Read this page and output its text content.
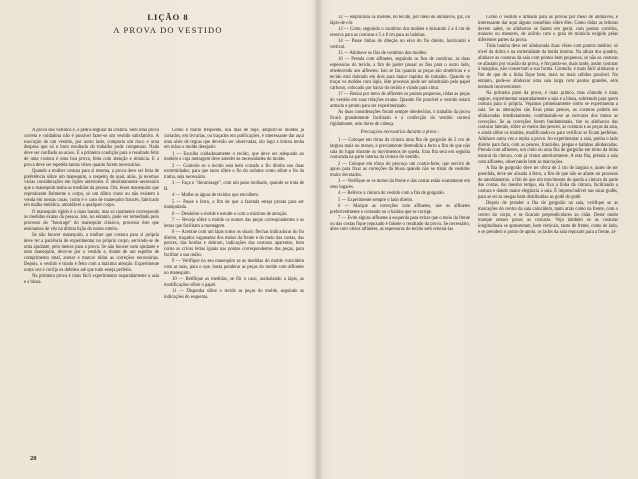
LIÇÃO 8

A PROVA DO VESTIDO

A prova dos vestidos é, a pedra-angular da costura. Sem uma prova correta e cuidadosa não é possível fazer-se um vestido satisfatório. A execução de um vestido, por outro lado, comporta um risco e uma despesa que só o bom resultado do trabalho pode compensar. Nada deve ser confiado ao acaso. É a primeira condição para o resultado feliz de uma costura é uma boa prova, feita com atenção e minúcia. E a prova deve ser repetida tantas vêzes quanto forem necessárias.

Quando a mulher costura para si mesma, a prova deve ser feita de preferência sôbre um manequim, a respeito do qual, aliás, já tecemos várias considerações em lições anteriores. É absolutamente necessário que o manequim tenha as medidas da pessoa. Ora, êsses manequins que reproduzem fielmente o corpo, só um dôbro custo ou não existem à venda em nossas casas, como é o caso de manequim francês, fabricado em malha metálica, amoldável a qualquer corpo.

O manequim rígido é o mais barato, mas só raramente corresponde às medidas exatas da pessoa. Isto, no entanto, pode ser remediado pelo processo do "bourrage" do manequim clássico, processo êste que ensinamos de vêz na última lição do nosso roteiro.

Se não houver manequim, a mulher que costura para si própria deve ter a paciência de experimentar no próprio corpo, servindo-se de uma ajudante, pelo menos para a prova. Se não houver nem ajudante e nem manequim, deve-se por o vestido e, diante de um espelho de comprimento total, anotar e marcar tôdas as correções necessárias. Depois, o vestido é tirado e feito com a máxima atenção. Experimente outra vez e corrija os defeitos até que tudo esteja perfeito.

Na primeira prova é mais fácil experimentar separadamente a saia e a blusa.

Como é muito freqüente, nos dias de hoje, adquirir-se moldes já cortados, em livrarias, ou traçados em publicações, é interessante dar aqui uma série de regras que deverão ser observadas, tão logo a leitora tenha em mãos o molde desejado:

1 — Escolha cuidadosamente o tecido, que deve ser adequado ao modelo e cuja metragem deve atender às necessidades do molde.

2 — Controle se o tecido está bem cortado a fio direito nas duas extremidades; para que tanto sôbre o fio do urdume como sôbre o fio da trama, seja necessário.

3 — Faça o "decatissage", com um pano molhado, quando se trata de lã.

4 — Molhe as águas de tecidos que encolhem.

5 — Passe a ferro, a fim de que a fazenda esteja pronta para ser manipulada.

6 — Desdobre o molde e estude-o com o máximo de atenção.

7 — Reveja sôbre o molde os nomes das peças correspondentes e as letras que facilitam a montagem.

8 — Acentue com um lápis todos os sinais: flechas indicadoras do fio direito, traçados vagueados dos meios da frente e do meio das costas, das pences, das bordas e debrum, indicações das costuras aparentes, bem como as crivas letras iguais nas pontas correspondentes das peças, para facilitar a sua união.

9 — Verifique no seu manequim se as medidas do molde coincidem com as suas, para o que, basta ponderar as peças do molde com alfinetes no manequim.

10 — Retifique as medidas, se fôr o caso, assinalando a lápis, as modificações sôbre o papel.

11 — Disponha sôbre o tecido as peças do molde, seguindo as indicações do esquema.

12 — Reproduza os moldes, no tecido, por meio de alinhavos, giz, ou lápis-de-côr.

13 — Corte, seguindo o contôrno dos moldes e deixando 2 a 4 cm de reserva para as costuras e 5 a 8 cm para as bainhas.

14 — Passe linhas de direção no eixo do fio direito, horizontal e vertical.

15 — Alinhave os fios de contôrno dos moldes.

16 — Prenda com alfinetes, seguindo os fios de contôrno, as duas espessuras do tecido, a fim de poder passar os fios para o outro lado, obedecendo aos alfinetes. Isto se faz quando as peças são simétricas e o tecido está dobrado em dois para maior rapidez do trabalho. Quando se traçar os moldes com lápis, êste processo pode ser substituído pelo papel carbono, colocado por baixo do tecido e virado para cima.

17 — Reúna por meio de alfinetes os pontos pequenos, tôdas as peças do vestido em suas relações exatas. Quando fôr possível o vestido estará armado e pronto para ser experimentado.

As duas considerações foram sempre obedecidas, o trabalho da prova ficará grandemente facilitado e a confecção do vestido correrá rigidamente, sem dores de cabeça.

Precauções necessárias durante a prova :

1 — Coloque em tôrno da cintura uma fita de gorgorão de 2 cm de largura mais ou menos, e previamente distendida a ferro a fim de que não saia do lugar durante os movimentos de queda. Esta fita será em seguida costurada na parte interna da cintura do vestido.

2 — Coloque em tôrno do pescoço um contra-forte, que servirá de apoio para fixar as correções da blusa quando não se tratar de vestidos muito decotados.

3 — Verifique se os meios da frente e das costas estão exatamente em seus lugares.

4 — Reforce a cintura do vestido com a fita de gorgorão.

5 — Experimente sempre o lado direito.

6 — Marque as correções com alfinetes, use os alfinetes preferivelmente e cortando ou o bainha que se corrige.

7 — Evite alguns alfinetes à esquerda para evitar que o meio da frente ou das costas fique repuxado e falseie o resultado da prova. Se necessário, alise com vários alfinetes, as espessuras do tecido sem retorná-las.

Como o vestido é armado para as provas por meio de alinhavos, é interessante dar aqui alguns conselhos sôbre êles. Como tôdas as leitoras devem saber, os alinhavos se fazem em geral, com pontos corridos, maiores ou menores, de acôrdo com o grau de minúcia exigido pelas diferentes partes da prova.

Tôda bainha deve ser alinhavada duas vêzes com pontos médios: só nível da dobra e na extremidade da borda interna. Na altura dos quadris, alinhave as costuras da saia com pontos bem pequenos, se não as costuras se afastam por ocasião da prova, e forçando-se, mais tarde, assim costurar à máquina, não conservam a sua forma. Contudo, é mais fácil alinhavar a fim de que de a linha fique bem, mais ou mais sólidos possível. No entanto, pode-se alinhavar uma saia larga com pontos grandes, sem nenhum inconveniente.

Na primeira parte da prova, é mais prático, mas cômodo e mais seguro, experimentar separadamente a saia e a blusa, sobretudo para quem costura para si própria. Vejamos primeiramente como se experimenta a saia. Se as alterações são fixas pelas pences, as costuras podem ser alinhavadas imediatamente, combinando-se as nervuras dos meios as correções. Se as correções forem fundamentais, tire os alinhavos das costuras laterais, sôbre os meios das pences, as costuras e as peças da saia, e ainda sôbre os moldes, modificando-os para verificar se ficam perfeitas. Alinhave outra vez e repita a prova. Ao experimentar a saia, ponha o lado direito para fora, com as pences, franzidos, pregas e bainhas alinhavadas. Prenda com alfinetes, um cinto ou uma fita de gorgorão em tôrno da linha natural da cintura, com já vimos anteriormente. A esta fita, prenda a saia com alfinetes, observando bem as marcações.

A fita de gorgorão deve ter cêrca de 2 cm de largura e, antes de ser prendida, deve ser alisada à ferro, a fim de que não se afaste no processo de amoldamento, a fim de que um movimento de queda a cintura da parte das costas. Ao mesmo tempo, ela fixa a linha da cintura, facilitando a costura e dando maior elegância à saia. É imprescindível nas saias godês, para se ter as nesgas bem distribuídas ao godê do godê.

Depois de prender a fita de gorgorão na saia, verifique se as marcações do centro da saia coincidem, tanto atrás como na frente, com o centro do corpo, e se ficaram perpendiculares ao chão. Deste modo marque nesses panos as costuras. Veja também se as costuras longitudinais se apresentam, bem verticais, tanto de frente, como de lado, e se prendem o ponto de apoio, os lados da saia repuxam para a frente, al-

20
